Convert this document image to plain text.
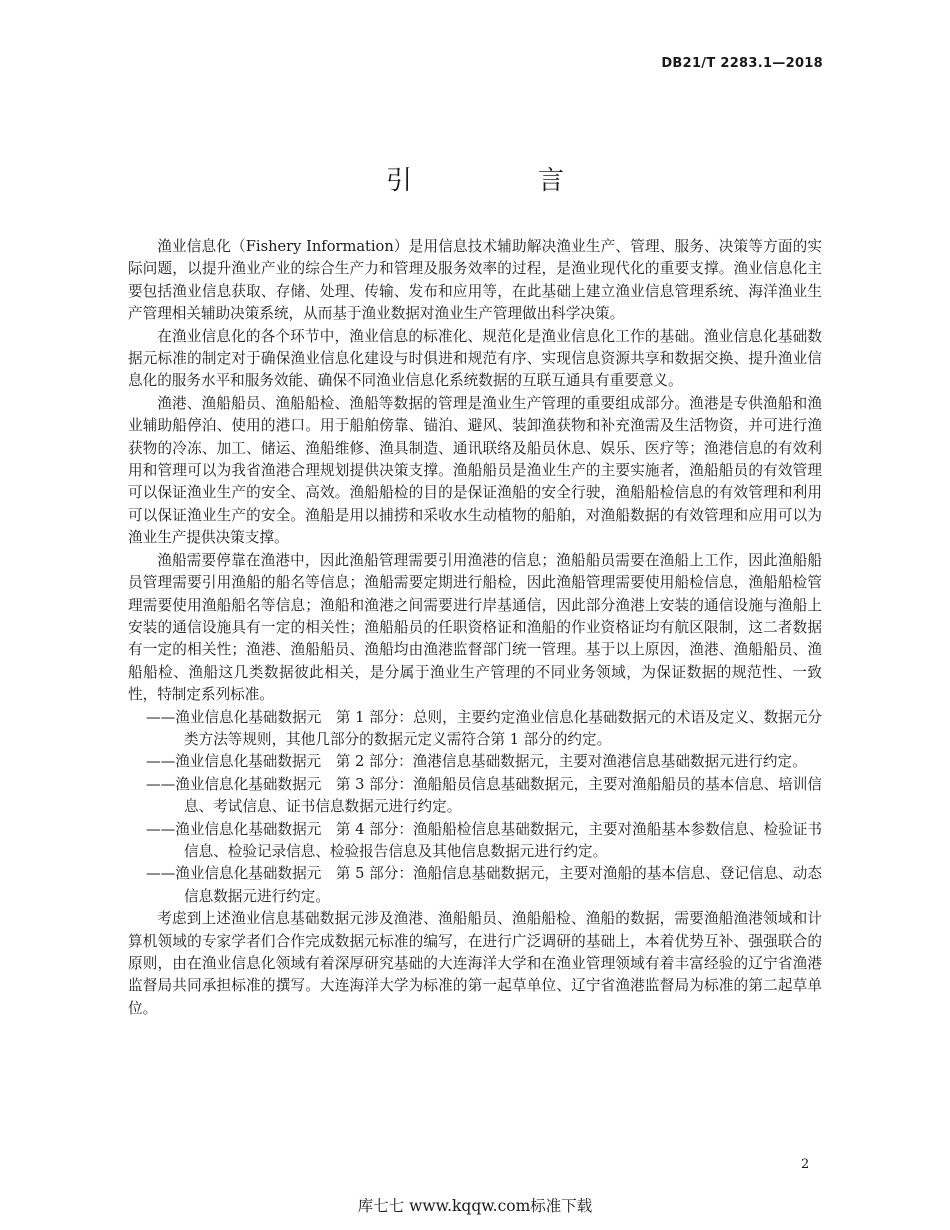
DB21/T 2283.1—2018
引　言

渔业信息化（Fishery Information）是用信息技术辅助解决渔业生产、管理、服务、决策等方面的实际问题，以提升渔业产业的综合生产力和管理及服务效率的过程，是渔业现代化的重要支撑。渔业信息化主要包括渔业信息获取、存储、处理、传输、发布和应用等，在此基础上建立渔业信息管理系统、海洋渔业生产管理相关辅助决策系统，从而基于渔业数据对渔业生产管理做出科学决策。

在渔业信息化的各个环节中，渔业信息的标准化、规范化是渔业信息化工作的基础。渔业信息化基础数据元标准的制定对于确保渔业信息化建设与时俱进和规范有序、实现信息资源共享和数据交换、提升渔业信息化的服务水平和服务效能、确保不同渔业信息化系统数据的互联互通具有重要意义。

渔港、渔船船员、渔船船检、渔船等数据的管理是渔业生产管理的重要组成部分。渔港是专供渔船和渔业辅助船停泊、使用的港口。用于船舶傍靠、锚泊、避风、装卸渔获物和补充渔需及生活物资，并可进行渔获物的冷冻、加工、储运、渔船维修、渔具制造、通讯联络及船员休息、娱乐、医疗等；渔港信息的有效利用和管理可以为我省渔港合理规划提供决策支撑。渔船船员是渔业生产的主要实施者，渔船船员的有效管理可以保证渔业生产的安全、高效。渔船船检的目的是保证渔船的安全行驶，渔船船检信息的有效管理和利用可以保证渔业生产的安全。渔船是用以捕捞和采收水生动植物的船舶，对渔船数据的有效管理和应用可以为渔业生产提供决策支撑。

渔船需要停靠在渔港中，因此渔船管理需要引用渔港的信息；渔船船员需要在渔船上工作，因此渔船船员管理需要引用渔船的船名等信息；渔船需要定期进行船检，因此渔船管理需要使用船检信息，渔船船检管理需要使用渔船船名等信息；渔船和渔港之间需要进行岸基通信，因此部分渔港上安装的通信设施与渔船上安装的通信设施具有一定的相关性；渔船船员的任职资格证和渔船的作业资格证均有航区限制，这二者数据有一定的相关性；渔港、渔船船员、渔船均由渔港监督部门统一管理。基于以上原因，渔港、渔船船员、渔船船检、渔船这几类数据彼此相关，是分属于渔业生产管理的不同业务领域，为保证数据的规范性、一致性，特制定系列标准。

——渔业信息化基础数据元　第 1 部分：总则，主要约定渔业信息化基础数据元的术语及定义、数据元分类方法等规则，其他几部分的数据元定义需符合第 1 部分的约定。
——渔业信息化基础数据元　第 2 部分：渔港信息基础数据元，主要对渔港信息基础数据元进行约定。
——渔业信息化基础数据元　第 3 部分：渔船船员信息基础数据元，主要对渔船船员的基本信息、培训信息、考试信息、证书信息数据元进行约定。
——渔业信息化基础数据元　第 4 部分：渔船船检信息基础数据元，主要对渔船基本参数信息、检验证书信息、检验记录信息、检验报告信息及其他信息数据元进行约定。
——渔业信息化基础数据元　第 5 部分：渔船信息基础数据元，主要对渔船的基本信息、登记信息、动态信息数据元进行约定。

考虑到上述渔业信息基础数据元涉及渔港、渔船船员、渔船船检、渔船的数据，需要渔船渔港领域和计算机领域的专家学者们合作完成数据元标准的编写，在进行广泛调研的基础上，本着优势互补、强强联合的原则，由在渔业信息化领域有着深厚研究基础的大连海洋大学和在渔业管理领域有着丰富经验的辽宁省渔港监督局共同承担标准的撰写。大连海洋大学为标准的第一起草单位、辽宁省渔港监督局为标准的第二起草单位。

2
库七七 www.kqqw.com标准下载
